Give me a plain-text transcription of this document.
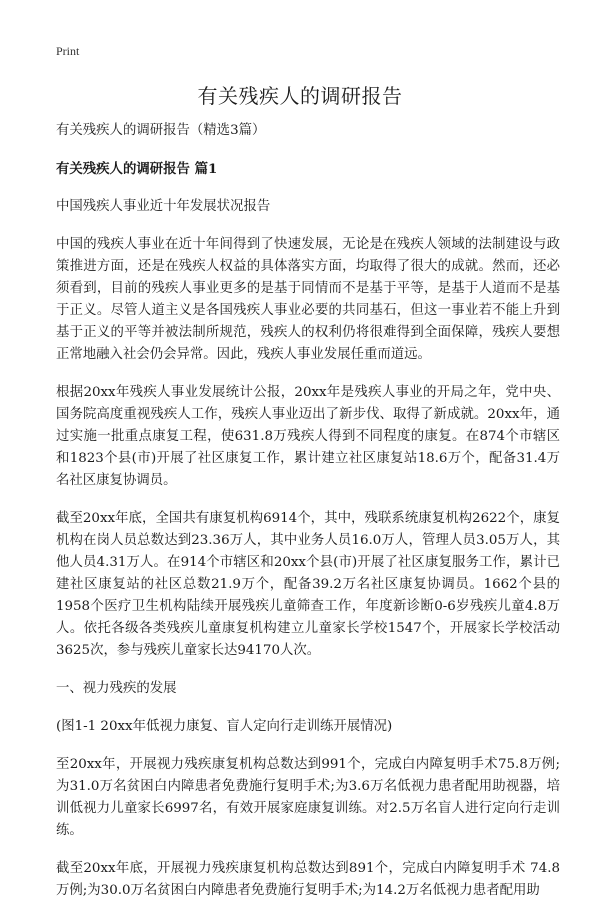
Print
有关残疾人的调研报告

有关残疾人的调研报告（精选3篇）

有关残疾人的调研报告 篇1

中国残疾人事业近十年发展状况报告

中国的残疾人事业在近十年间得到了快速发展，无论是在残疾人领域的法制建设与政策推进方面，还是在残疾人权益的具体落实方面，均取得了很大的成就。然而，还必须看到，目前的残疾人事业更多的是基于同情而不是基于平等，是基于人道而不是基于正义。尽管人道主义是各国残疾人事业必要的共同基石，但这一事业若不能上升到基于正义的平等并被法制所规范，残疾人的权利仍将很难得到全面保障，残疾人要想正常地融入社会仍会异常。因此，残疾人事业发展任重而道远。

根据20xx年残疾人事业发展统计公报，20xx年是残疾人事业的开局之年，党中央、国务院高度重视残疾人工作，残疾人事业迈出了新步伐、取得了新成就。20xx年，通过实施一批重点康复工程，使631.8万残疾人得到不同程度的康复。在874个市辖区和1823个县(市)开展了社区康复工作，累计建立社区康复站18.6万个，配备31.4万名社区康复协调员。

截至20xx年底，全国共有康复机构6914个，其中，残联系统康复机构2622个，康复机构在岗人员总数达到23.36万人，其中业务人员16.0万人，管理人员3.05万人，其他人员4.31万人。在914个市辖区和20xx个县(市)开展了社区康复服务工作，累计已建社区康复站的社区总数21.9万个，配备39.2万名社区康复协调员。1662个县的1958个医疗卫生机构陆续开展残疾儿童筛查工作，年度新诊断0-6岁残疾儿童4.8万人。依托各级各类残疾儿童康复机构建立儿童家长学校1547个，开展家长学校活动3625次，参与残疾儿童家长达94170人次。

一、视力残疾的发展

(图1-1 20xx年低视力康复、盲人定向行走训练开展情况)

至20xx年，开展视力残疾康复机构总数达到991个，完成白内障复明手术75.8万例;为31.0万名贫困白内障患者免费施行复明手术;为3.6万名低视力患者配用助视器，培训低视力儿童家长6997名，有效开展家庭康复训练。对2.5万名盲人进行定向行走训练。

截至20xx年底，开展视力残疾康复机构总数达到891个，完成白内障复明手术 74.8万例;为30.0万名贫困白内障患者免费施行复明手术;为14.2万名低视力患者配用助
